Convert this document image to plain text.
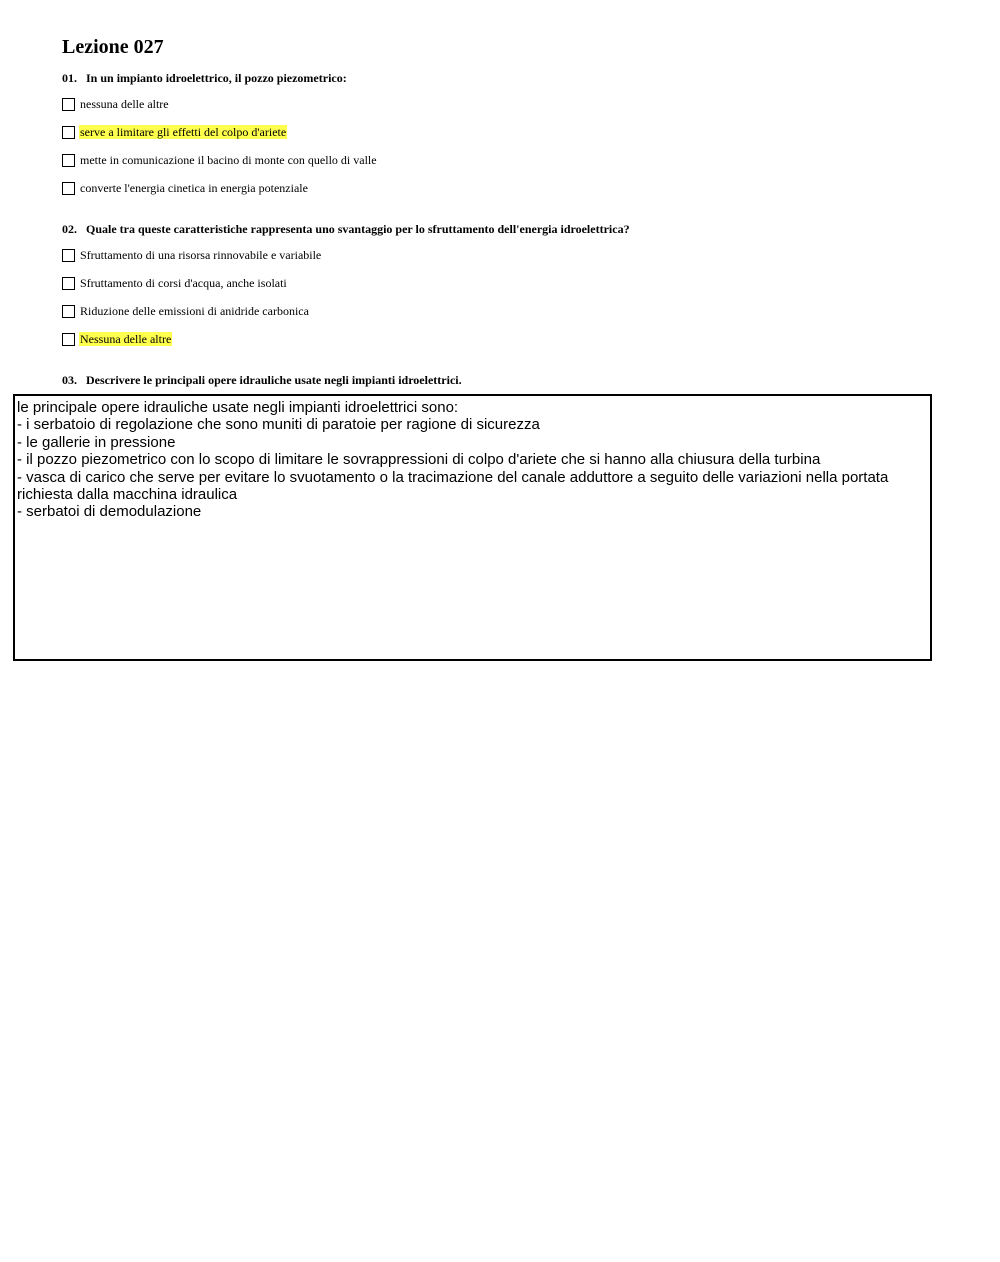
Lezione 027
01. In un impianto idroelettrico, il pozzo piezometrico:
nessuna delle altre
serve a limitare gli effetti del colpo d'ariete
mette in comunicazione il bacino di monte con quello di valle
converte l'energia cinetica in energia potenziale
02. Quale tra queste caratteristiche rappresenta uno svantaggio per lo sfruttamento dell'energia idroelettrica?
Sfruttamento di una risorsa rinnovabile e variabile
Sfruttamento di corsi d'acqua, anche isolati
Riduzione delle emissioni di anidride carbonica
Nessuna delle altre
03. Descrivere le principali opere idrauliche usate negli impianti idroelettrici.
le principale opere idrauliche usate negli impianti idroelettrici sono:
- i serbatoio di regolazione che sono muniti di paratoie per ragione di sicurezza
- le gallerie in pressione
- il pozzo piezometrico con lo scopo di limitare le sovrappressioni di colpo d'ariete che si hanno alla chiusura della turbina
- vasca di carico che serve per evitare lo svuotamento o la tracimazione del canale adduttore a seguito delle variazioni nella portata richiesta dalla macchina idraulica
- serbatoi di demodulazione
